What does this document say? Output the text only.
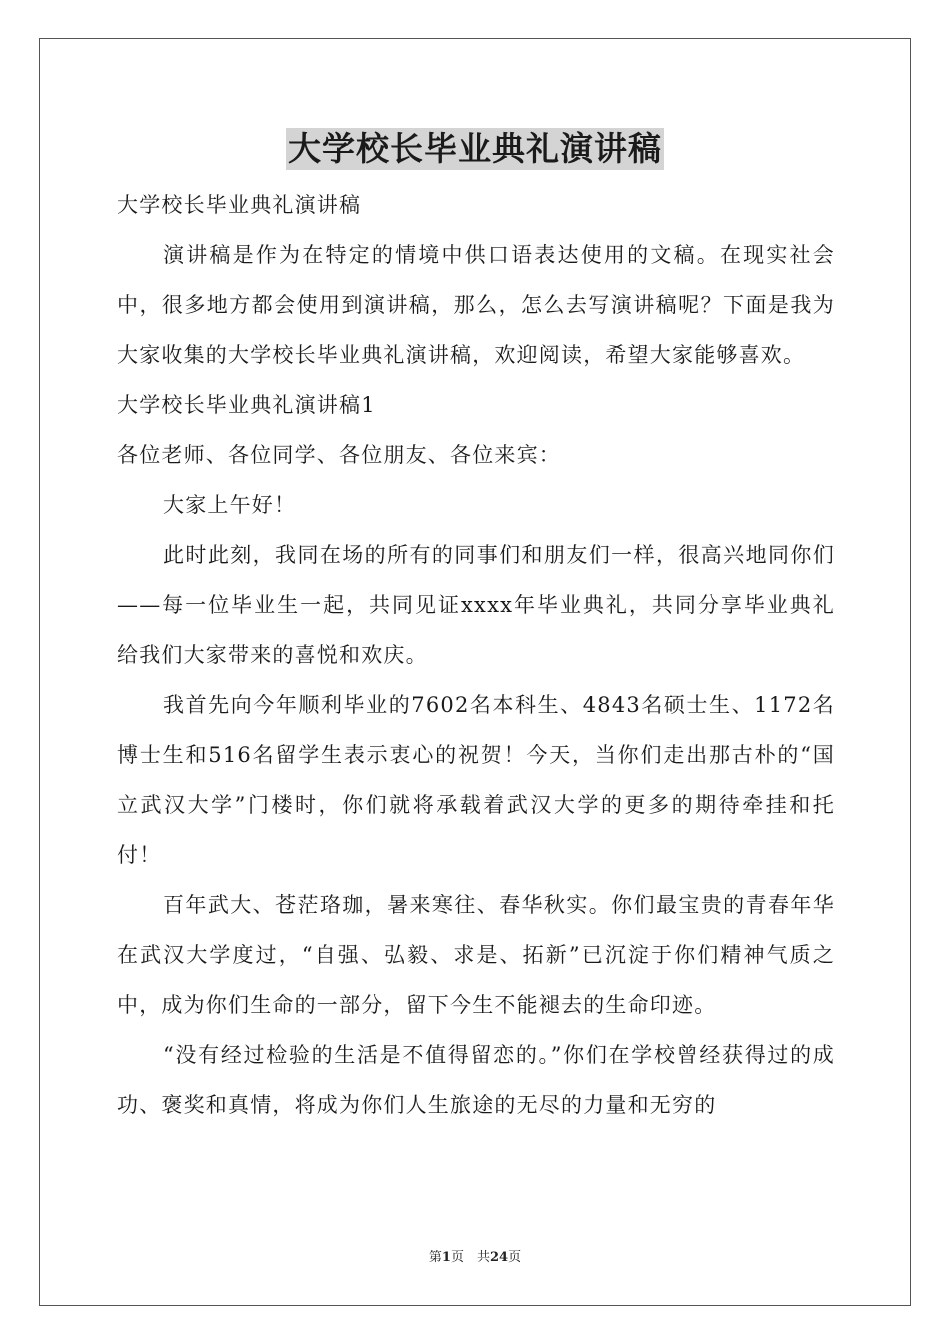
大学校长毕业典礼演讲稿

大学校长毕业典礼演讲稿

演讲稿是作为在特定的情境中供口语表达使用的文稿。在现实社会中，很多地方都会使用到演讲稿，那么，怎么去写演讲稿呢？下面是我为大家收集的大学校长毕业典礼演讲稿，欢迎阅读，希望大家能够喜欢。

大学校长毕业典礼演讲稿1

各位老师、各位同学、各位朋友、各位来宾：

大家上午好！

此时此刻，我同在场的所有的同事们和朋友们一样，很高兴地同你们——每一位毕业生一起，共同见证xxxx年毕业典礼，共同分享毕业典礼给我们大家带来的喜悦和欢庆。

我首先向今年顺利毕业的7602名本科生、4843名硕士生、1172名博士生和516名留学生表示衷心的祝贺！今天，当你们走出那古朴的“国立武汉大学”门楼时，你们就将承载着武汉大学的更多的期待牵挂和托付！

百年武大、苍茫珞珈，暑来寒往、春华秋实。你们最宝贵的青春年华在武汉大学度过，“自强、弘毅、求是、拓新”已沉淀于你们精神气质之中，成为你们生命的一部分，留下今生不能褪去的生命印迹。

“没有经过检验的生活是不值得留恋的。”你们在学校曾经获得过的成功、褒奖和真情，将成为你们人生旅途的无尽的力量和无穷的

第1页　共24页
